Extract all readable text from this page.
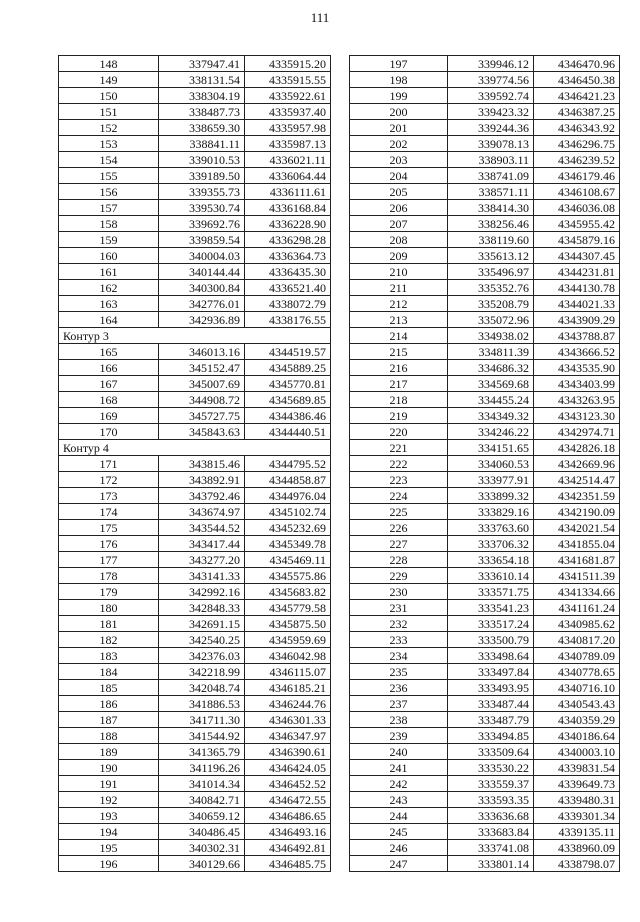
111
148	337947.41	4335915.20
149	338131.54	4335915.55
150	338304.19	4335922.61
151	338487.73	4335937.40
152	338659.30	4335957.98
153	338841.11	4335987.13
154	339010.53	4336021.11
155	339189.50	4336064.44
156	339355.73	4336111.61
157	339530.74	4336168.84
158	339692.76	4336228.90
159	339859.54	4336298.28
160	340004.03	4336364.73
161	340144.44	4336435.30
162	340300.84	4336521.40
163	342776.01	4338072.79
164	342936.89	4338176.55
Контур 3		
165	346013.16	4344519.57
166	345152.47	4345889.25
167	345007.69	4345770.81
168	344908.72	4345689.85
169	345727.75	4344386.46
170	345843.63	4344440.51
Контур 4		
171	343815.46	4344795.52
172	343892.91	4344858.87
173	343792.46	4344976.04
174	343674.97	4345102.74
175	343544.52	4345232.69
176	343417.44	4345349.78
177	343277.20	4345469.11
178	343141.33	4345575.86
179	342992.16	4345683.82
180	342848.33	4345779.58
181	342691.15	4345875.50
182	342540.25	4345959.69
183	342376.03	4346042.98
184	342218.99	4346115.07
185	342048.74	4346185.21
186	341886.53	4346244.76
187	341711.30	4346301.33
188	341544.92	4346347.97
189	341365.79	4346390.61
190	341196.26	4346424.05
191	341014.34	4346452.52
192	340842.71	4346472.55
193	340659.12	4346486.65
194	340486.45	4346493.16
195	340302.31	4346492.81
196	340129.66	4346485.75
197	339946.12	4346470.96
198	339774.56	4346450.38
199	339592.74	4346421.23
200	339423.32	4346387.25
201	339244.36	4346343.92
202	339078.13	4346296.75
203	338903.11	4346239.52
204	338741.09	4346179.46
205	338571.11	4346108.67
206	338414.30	4346036.08
207	338256.46	4345955.42
208	338119.60	4345879.16
209	335613.12	4344307.45
210	335496.97	4344231.81
211	335352.76	4344130.78
212	335208.79	4344021.33
213	335072.96	4343909.29
214	334938.02	4343788.87
215	334811.39	4343666.52
216	334686.32	4343535.90
217	334569.68	4343403.99
218	334455.24	4343263.95
219	334349.32	4343123.30
220	334246.22	4342974.71
221	334151.65	4342826.18
222	334060.53	4342669.96
223	333977.91	4342514.47
224	333899.32	4342351.59
225	333829.16	4342190.09
226	333763.60	4342021.54
227	333706.32	4341855.04
228	333654.18	4341681.87
229	333610.14	4341511.39
230	333571.75	4341334.66
231	333541.23	4341161.24
232	333517.24	4340985.62
233	333500.79	4340817.20
234	333498.64	4340789.09
235	333497.84	4340778.65
236	333493.95	4340716.10
237	333487.44	4340543.43
238	333487.79	4340359.29
239	333494.85	4340186.64
240	333509.64	4340003.10
241	333530.22	4339831.54
242	333559.37	4339649.73
243	333593.35	4339480.31
244	333636.68	4339301.34
245	333683.84	4339135.11
246	333741.08	4338960.09
247	333801.14	4338798.07
